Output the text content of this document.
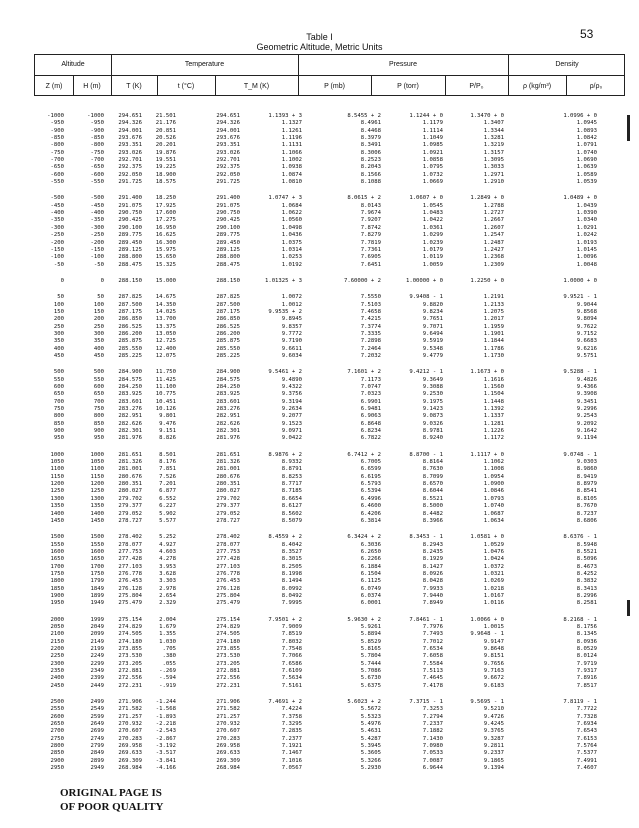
53
Table I
Geometric Altitude, Metric Units
Altitude	Temperature	Pressure	Density
Z (m)	H (m)	T (K)	t (°C)	T_M (K)	P (mb)	P (torr)	P/P₀	ρ (kg/m³)	ρ/ρ₀
-1000	-1000	294.651 21.501	294.651	1.1393 + 3	8.5455 + 2	1.1244 + 0	1.3470 + 0	1.0996 + 0
-950	-950	294.326 21.176	294.326	1.1327	8.4961	1.1179	1.3407	1.0945
-900	-900	294.001 20.851	294.001	1.1261	8.4468	1.1114	1.3344	1.0893
-850	-850	293.676 20.526	293.676	1.1196	8.3979	1.1049	1.3281	1.0842
-800	-800	293.351 20.201	293.351	1.1131	8.3491	1.0985	1.3219	1.0791
-750	-750	293.026 19.876	293.026	1.1066	8.3006	1.0921	1.3157	1.0740
-700	-700	292.701 19.551	292.701	1.1002	8.2523	1.0858	1.3095	1.0690
-650	-650	292.375 19.225	292.375	1.0938	8.2043	1.0795	1.3033	1.0639
-600	-600	292.050 18.900	292.050	1.0874	8.1566	1.0732	1.2971	1.0589
-550	-550	291.725 18.575	291.725	1.0810	8.1088	1.0669	1.2910	1.0539
-500	-500	291.400 18.250	291.400	1.0747 + 3	8.0615 + 2	1.0607 + 0	1.2849 + 0	1.0489 + 0
-450	-450	291.075 17.925	291.075	1.0684	8.0143	1.0545	1.2788	1.0439
-400	-400	290.750 17.600	290.750	1.0622	7.9674	1.0483	1.2727	1.0390
-350	-350	290.425 17.275	290.425	1.0560	7.9207	1.0422	1.2667	1.0340
-300	-300	290.100 16.950	290.100	1.0498	7.8742	1.0361	1.2607	1.0291
-250	-250	289.775 16.625	289.775	1.0436	7.8279	1.0299	1.2547	1.0242
-200	-200	289.450 16.300	289.450	1.0375	7.7819	1.0239	1.2487	1.0193
-150	-150	289.125 15.975	289.125	1.0314	7.7361	1.0179	1.2427	1.0145
-100	-100	288.800 15.650	288.800	1.0253	7.6905	1.0119	1.2368	1.0096
-50	-50	288.475 15.325	288.475	1.0192	7.6451	1.0059	1.2309	1.0048
0	0	288.150 15.000	288.150	1.01325 + 3	7.60000 + 2	1.00000 + 0	1.2250 + 0	1.0000 + 0
50	50	287.825 14.675	287.825	1.0072	7.5550	9.9408 - 1	1.2191	9.9521 - 1
100	100	287.500 14.350	287.500	1.0012	7.5103	9.8820	1.2133	9.9044
150	150	287.175 14.025	287.175	9.9535 + 2	7.4658	9.8234	1.2075	9.8568
200	200	286.850 13.700	286.850	9.8945	7.4215	9.7651	1.2017	9.8094
250	250	286.525 13.375	286.525	9.8357	7.3774	9.7071	1.1959	9.7622
300	300	286.200 13.050	286.200	9.7772	7.3335	9.6494	1.1901	9.7152
350	350	285.875 12.725	285.875	9.7190	7.2898	9.5919	1.1844	9.6683
400	400	285.550 12.400	285.550	9.6611	7.2464	9.5348	1.1786	9.6216
450	450	285.225 12.075	285.225	9.6034	7.2032	9.4779	1.1730	9.5751
500	500	284.900 11.750	284.900	9.5461 + 2	7.1601 + 2	9.4212 - 1	1.1673 + 0	9.5288 - 1
550	550	284.575 11.425	284.575	9.4890	7.1173	9.3649	1.1616	9.4826
600	600	284.250 11.100	284.250	9.4322	7.0747	9.3088	1.1560	9.4366
650	650	283.925 10.775	283.925	9.3756	7.0323	9.2530	1.1504	9.3908
700	700	283.601 10.451	283.601	9.3194	6.9901	9.1975	1.1448	9.3451
750	750	283.276 10.126	283.276	9.2634	6.9481	9.1423	1.1392	9.2996
800	800	282.951	9.801	282.951	9.2077	6.9063	9.0873	1.1337	9.2543
850	850	282.626	9.476	282.626	9.1523	6.8648	9.0326	1.1281	9.2092
900	900	282.301	9.151	282.301	9.0971	6.8234	8.9781	1.1226	9.1642
950	950	281.976	8.826	281.976	9.0422	6.7822	8.9240	1.1172	9.1194
1000	1000	281.651	8.501	281.651	8.9876 + 2	6.7412 + 2	8.8700 - 1	1.1117 + 0	9.0748 - 1
1050	1050	281.326	8.176	281.326	8.9332	6.7005	8.8164	1.1062	9.0303
1100	1100	281.001	7.851	281.001	8.8791	6.6599	8.7630	1.1008	8.9860
1150	1150	280.676	7.526	280.676	8.8253	6.6195	8.7099	1.0954	8.9419
1200	1200	280.351	7.201	280.351	8.7717	6.5793	8.6570	1.0900	8.8979
1250	1250	280.027	6.877	280.027	8.7185	6.5394	8.6044	1.0846	8.8541
1300	1300	279.702	6.552	279.702	8.6654	6.4996	8.5521	1.0793	8.8105
1350	1350	279.377	6.227	279.377	8.6127	6.4600	8.5000	1.0740	8.7670
1400	1400	279.052	5.902	279.052	8.5602	6.4206	8.4482	1.0687	8.7237
1450	1450	278.727	5.577	278.727	8.5079	6.3814	8.3966	1.0634	8.6806
1500	1500	278.402	5.252	278.402	8.4559 + 2	6.3424 + 2	8.3453 - 1	1.0581 + 0	8.6376 - 1
1550	1550	278.077	4.927	278.077	8.4042	6.3036	8.2943	1.0529	8.5948
1600	1600	277.753	4.603	277.753	8.3527	6.2650	8.2435	1.0476	8.5521
1650	1650	277.428	4.278	277.428	8.3015	6.2266	8.1929	1.0424	8.5096
1700	1700	277.103	3.953	277.103	8.2505	6.1884	8.1427	1.0372	8.4673
1750	1750	276.778	3.628	276.778	8.1998	6.1504	8.0926	1.0321	8.4252
1800	1799	276.453	3.303	276.453	8.1494	6.1125	8.0428	1.0269	8.3832
1850	1849	276.128	2.978	276.128	8.0992	6.0749	7.9933	1.0218	8.3413
1900	1899	275.804	2.654	275.804	8.0492	6.0374	7.9440	1.0167	8.2996
1950	1949	275.479	2.329	275.479	7.9995	6.0001	7.8949	1.0116	8.2581
2000	1999	275.154	2.004	275.154	7.9501 + 2	5.9630 + 2	7.8461 - 1	1.0066 + 0	8.2168 - 1
2050	2049	274.829	1.679	274.829	7.9009	5.9261	7.7976	1.0015	8.1756
2100	2099	274.505	1.355	274.505	7.8519	5.8894	7.7493	9.9648 - 1	8.1345
2150	2149	274.180	1.030	274.180	7.8032	5.8529	7.7012	9.9147	8.0936
2200	2199	273.855	.705	273.855	7.7548	5.8165	7.6534	9.8648	8.0529
2250	2249	273.530	.380	273.530	7.7066	5.7804	7.6058	9.8151	8.0124
2300	2299	273.205	.055	273.205	7.6586	5.7444	7.5584	9.7656	7.9719
2350	2349	272.881	-.269	272.881	7.6109	5.7086	7.5113	9.7163	7.9317
2400	2399	272.556	-.594	272.556	7.5634	5.6730	7.4645	9.6672	7.8916
2450	2449	272.231	-.919	272.231	7.5161	5.6375	7.4178	9.6183	7.8517
2500	2499	271.906 -1.244	271.906	7.4691 + 2	5.6023 + 2	7.3715 - 1	9.5695 - 1	7.8119 - 1
2550	2549	271.582 -1.568	271.582	7.4224	5.5672	7.3253	9.5210	7.7722
2600	2599	271.257 -1.893	271.257	7.3758	5.5323	7.2794	9.4726	7.7328
2650	2649	270.932 -2.218	270.932	7.3295	5.4976	7.2337	9.4245	7.6934
2700	2699	270.607 -2.543	270.607	7.2835	5.4631	7.1882	9.3765	7.6543
2750	2749	270.283 -2.867	270.283	7.2377	5.4287	7.1430	9.3287	7.6153
2800	2799	269.958 -3.192	269.958	7.1921	5.3945	7.0980	9.2811	7.5764
2850	2849	269.633 -3.517	269.633	7.1467	5.3605	7.0533	9.2337	7.5377
2900	2899	269.309 -3.841	269.309	7.1016	5.3266	7.0087	9.1865	7.4991
2950	2949	268.984 -4.166	268.984	7.0567	5.2930	6.9644	9.1394	7.4607
ORIGINAL PAGE IS
OF POOR QUALITY
